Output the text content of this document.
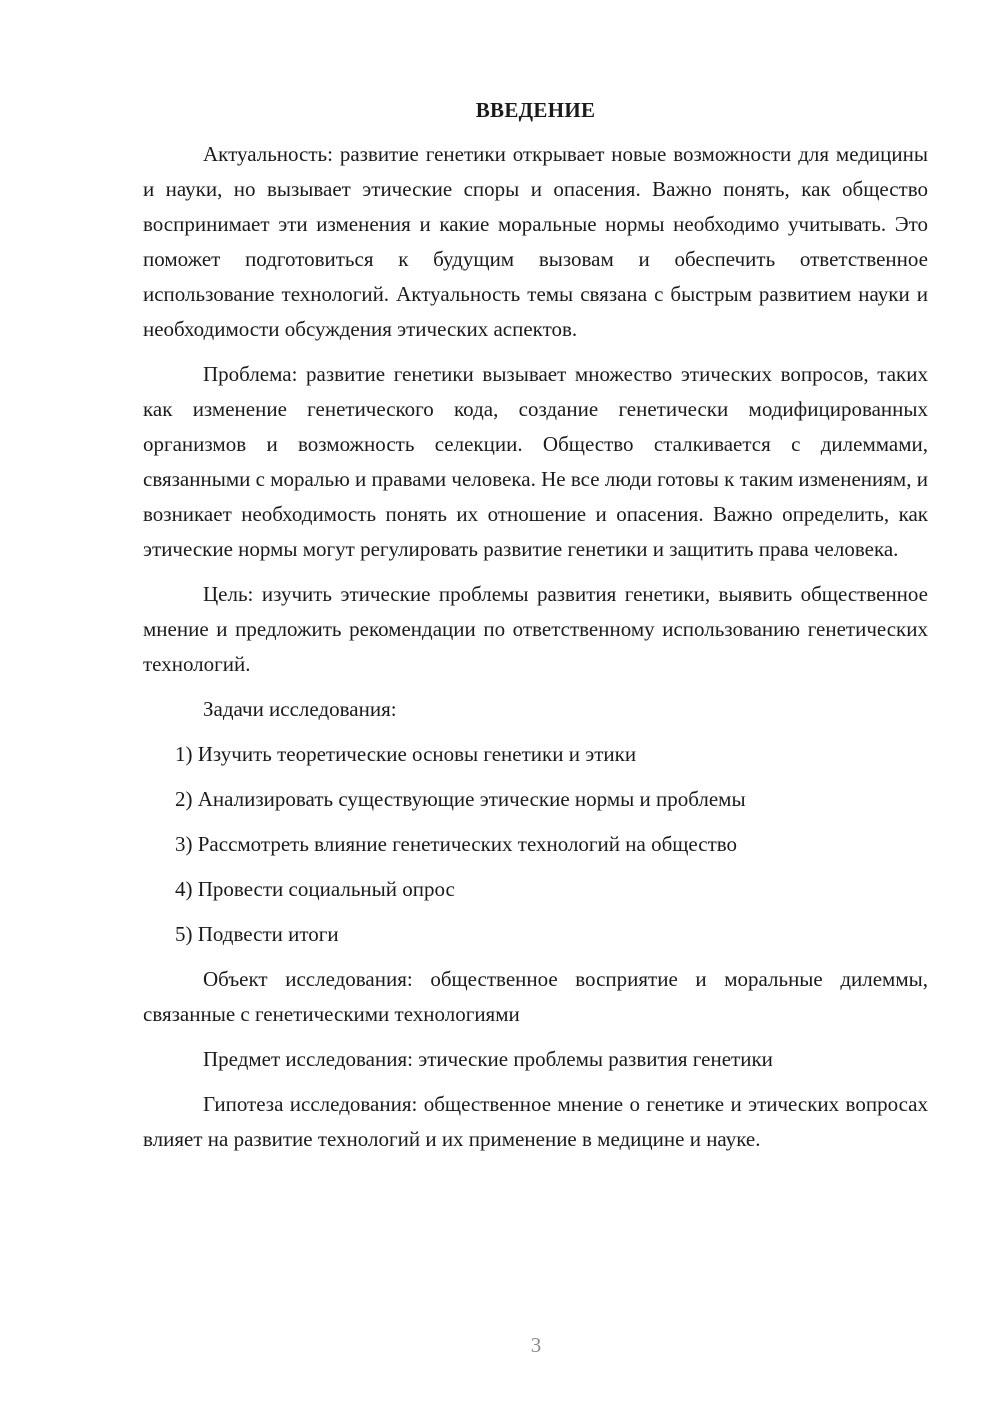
ВВЕДЕНИЕ

Актуальность: развитие генетики открывает новые возможности для медицины и науки, но вызывает этические споры и опасения. Важно понять, как общество воспринимает эти изменения и какие моральные нормы необходимо учитывать. Это поможет подготовиться к будущим вызовам и обеспечить ответственное использование технологий. Актуальность темы связана с быстрым развитием науки и необходимости обсуждения этических аспектов.

Проблема: развитие генетики вызывает множество этических вопросов, таких как изменение генетического кода, создание генетически модифицированных организмов и возможность селекции. Общество сталкивается с дилеммами, связанными с моралью и правами человека. Не все люди готовы к таким изменениям, и возникает необходимость понять их отношение и опасения. Важно определить, как этические нормы могут регулировать развитие генетики и защитить права человека.

Цель: изучить этические проблемы развития генетики, выявить общественное мнение и предложить рекомендации по ответственному использованию генетических технологий.

Задачи исследования:

1) Изучить теоретические основы генетики и этики
2) Анализировать существующие этические нормы и проблемы
3) Рассмотреть влияние генетических технологий на общество
4) Провести социальный опрос
5) Подвести итоги

Объект исследования: общественное восприятие и моральные дилеммы, связанные с генетическими технологиями

Предмет исследования: этические проблемы развития генетики

Гипотеза исследования: общественное мнение о генетике и этических вопросах влияет на развитие технологий и их применение в медицине и науке.

3
